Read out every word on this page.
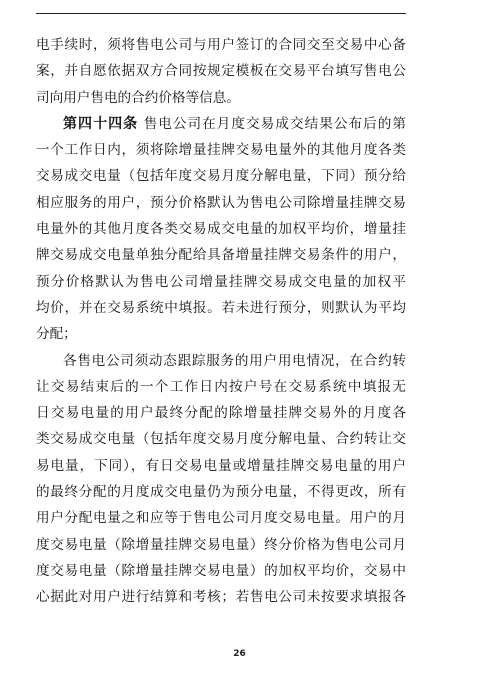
电手续时，须将售电公司与用户签订的合同交至交易中心备
案，并自愿依据双方合同按规定模板在交易平台填写售电公
司向用户售电的合约价格等信息。
第四十四条 售电公司在月度交易成交结果公布后的第
一个工作日内，须将除增量挂牌交易电量外的其他月度各类
交易成交电量（包括年度交易月度分解电量，下同）预分给
相应服务的用户，预分价格默认为售电公司除增量挂牌交易
电量外的其他月度各类交易成交电量的加权平均价，增量挂
牌交易成交电量单独分配给具备增量挂牌交易条件的用户，
预分价格默认为售电公司增量挂牌交易成交电量的加权平
均价，并在交易系统中填报。若未进行预分，则默认为平均
分配；
各售电公司须动态跟踪服务的用户用电情况，在合约转
让交易结束后的一个工作日内按户号在交易系统中填报无
日交易电量的用户最终分配的除增量挂牌交易外的月度各
类交易成交电量（包括年度交易月度分解电量、合约转让交
易电量，下同），有日交易电量或增量挂牌交易电量的用户
的最终分配的月度成交电量仍为预分电量，不得更改，所有
用户分配电量之和应等于售电公司月度交易电量。用户的月
度交易电量（除增量挂牌交易电量）终分价格为售电公司月
度交易电量（除增量挂牌交易电量）的加权平均价，交易中
心据此对用户进行结算和考核；若售电公司未按要求填报各
26
